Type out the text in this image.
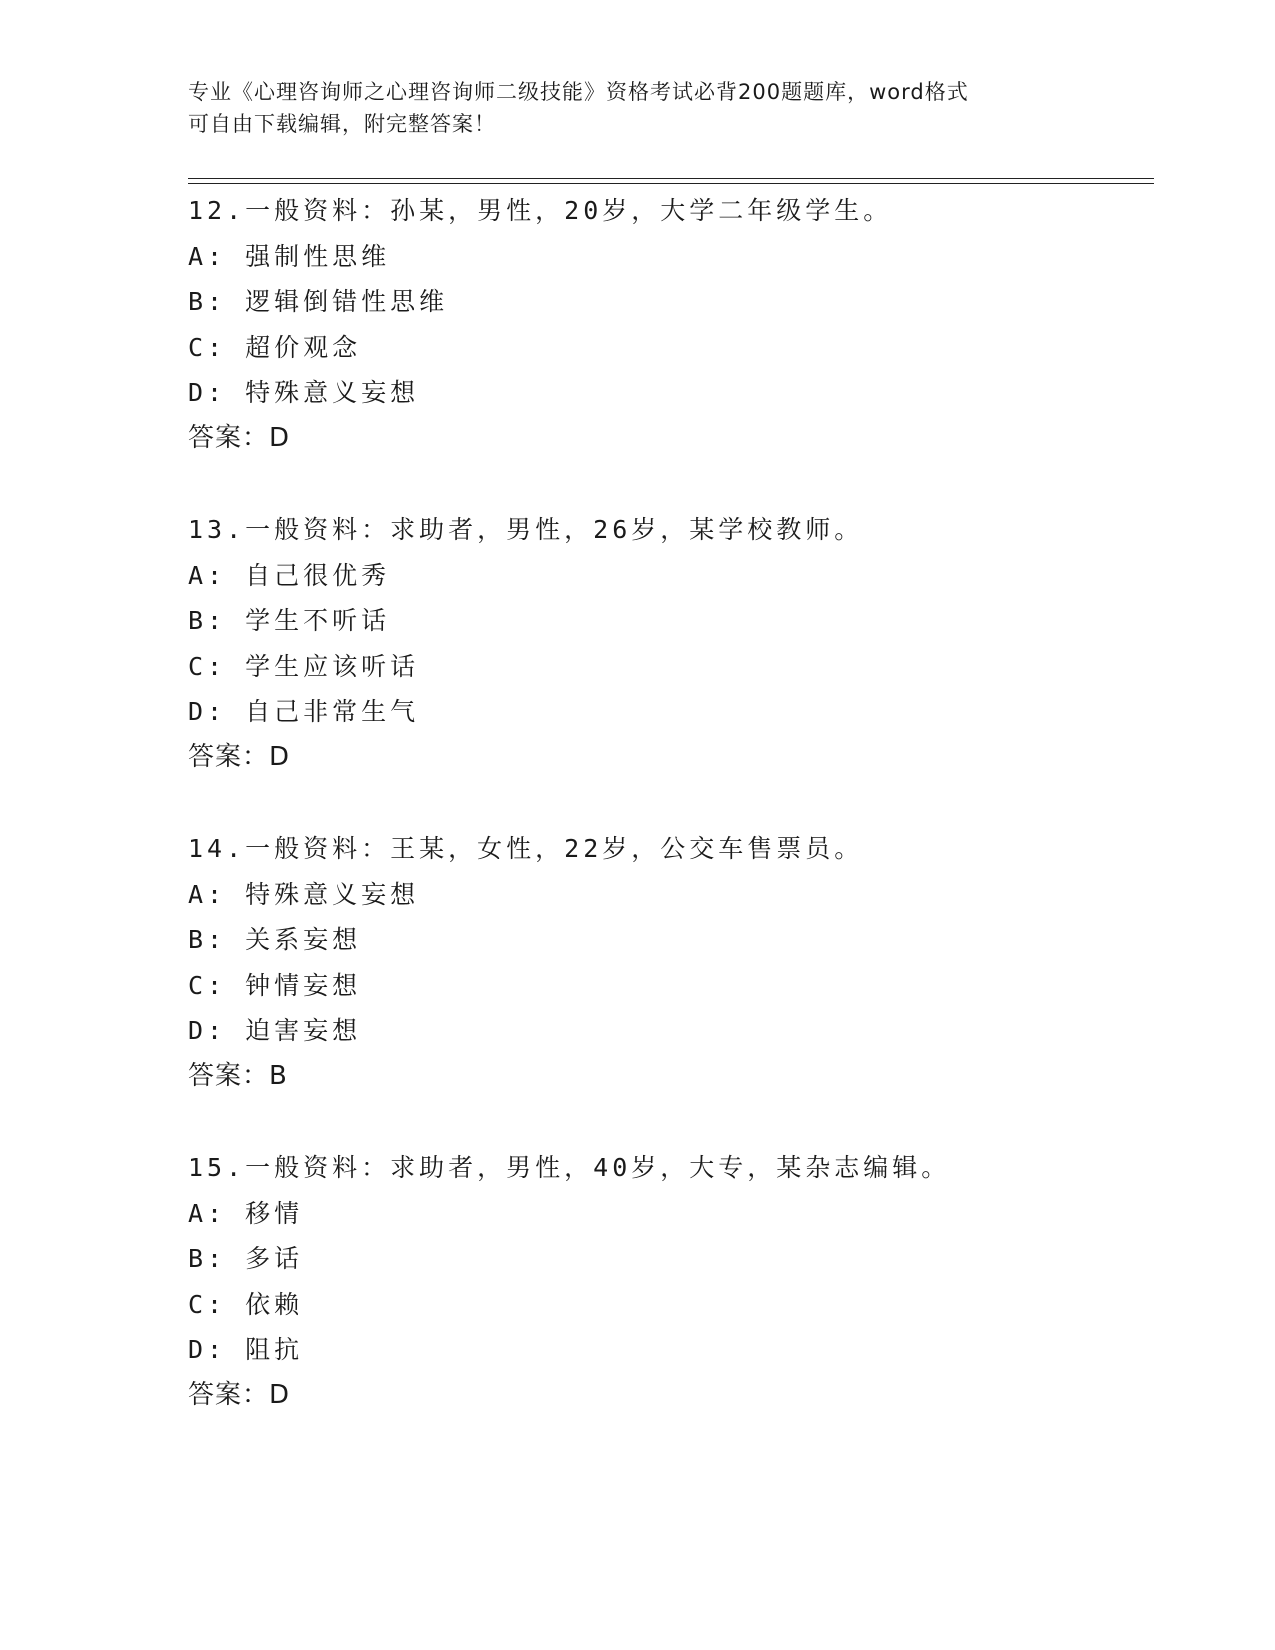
专业《心理咨询师之心理咨询师二级技能》资格考试必背200题题库，word格式
可自由下载编辑，附完整答案！
12.一般资料：孙某，男性，20岁，大学二年级学生。
A: 强制性思维
B: 逻辑倒错性思维
C: 超价观念
D: 特殊意义妄想
答案：D
13.一般资料：求助者，男性，26岁，某学校教师。
A: 自己很优秀
B: 学生不听话
C: 学生应该听话
D: 自己非常生气
答案：D
14.一般资料：王某，女性，22岁，公交车售票员。
A: 特殊意义妄想
B: 关系妄想
C: 钟情妄想
D: 迫害妄想
答案：B
15.一般资料：求助者，男性，40岁，大专，某杂志编辑。
A: 移情
B: 多话
C: 依赖
D: 阻抗
答案：D
